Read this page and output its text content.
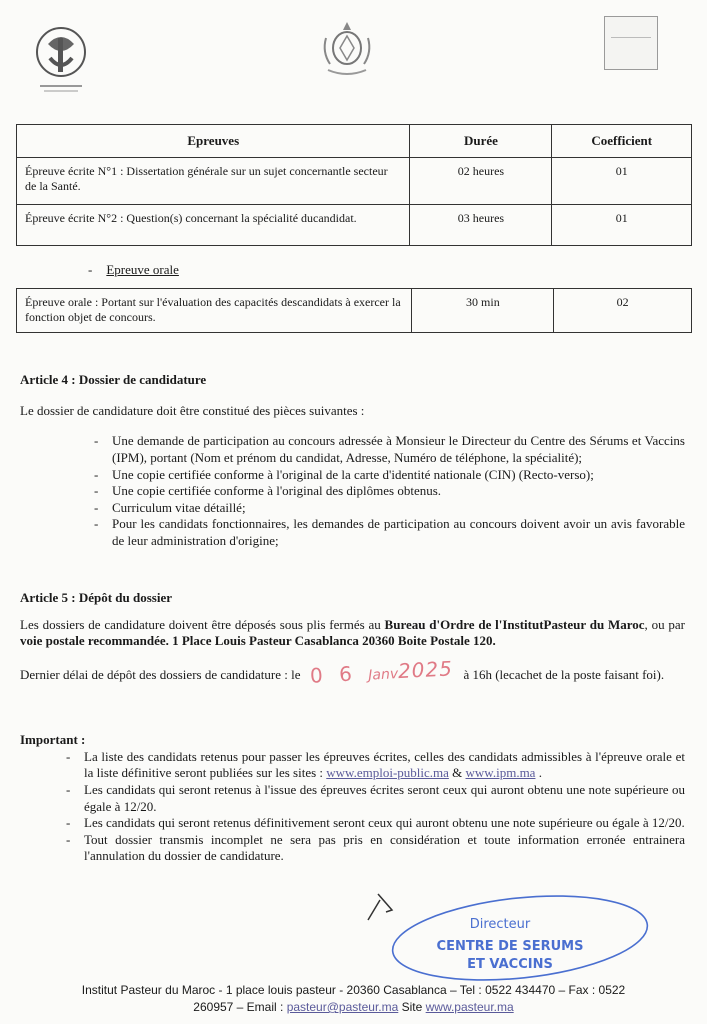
Epreuves	Durée	Coefficient
Épreuve écrite N°1 : Dissertation générale sur un sujet concernantle secteur de la Santé.	02 heures	01
Épreuve écrite N°2 : Question(s) concernant la spécialité ducandidat.	03 heures	01
- Epreuve orale
Épreuve orale : Portant sur l'évaluation des capacités descandidats à exercer la fonction objet de concours.	30 min	02

Article 4 : Dossier de candidature

Le dossier de candidature doit être constitué des pièces suivantes :

- Une demande de participation au concours adressée à Monsieur le Directeur du Centre des Sérums et Vaccins (IPM), portant (Nom et prénom du candidat, Adresse, Numéro de téléphone, la spécialité);
- Une copie certifiée conforme à l'original de la carte d'identité nationale (CIN) (Recto-verso);
- Une copie certifiée conforme à l'original des diplômes obtenus.
- Curriculum vitae détaillé;
- Pour les candidats fonctionnaires, les demandes de participation au concours doivent avoir un avis favorable de leur administration d'origine;

Article 5 : Dépôt du dossier

Les dossiers de candidature doivent être déposés sous plis fermés au Bureau d'Ordre de l'InstitutPasteur du Maroc, ou par voie postale recommandée. 1 Place Louis Pasteur Casablanca 20360 Boite Postale 120.

Dernier délai de dépôt des dossiers de candidature : le 0 6 Janv2025 à 16h (lecachet de la poste faisant foi).

Important :

- La liste des candidats retenus pour passer les épreuves écrites, celles des candidats admissibles à l'épreuve orale et la liste définitive seront publiées sur les sites : www.emploi-public.ma & www.ipm.ma .
- Les candidats qui seront retenus à l'issue des épreuves écrites seront ceux qui auront obtenu une note supérieure ou égale à 12/20.
- Les candidats qui seront retenus définitivement seront ceux qui auront obtenu une note supérieure ou égale à 12/20.
- Tout dossier transmis incomplet ne sera pas pris en considération et toute information erronée entrainera l'annulation du dossier de candidature.
Directeur
CENTRE DE SERUMS
ET VACCINS
Institut Pasteur du Maroc - 1 place louis pasteur - 20360 Casablanca – Tel : 0522 434470 – Fax : 0522
260957 – Email : pasteur@pasteur.ma Site www.pasteur.ma
